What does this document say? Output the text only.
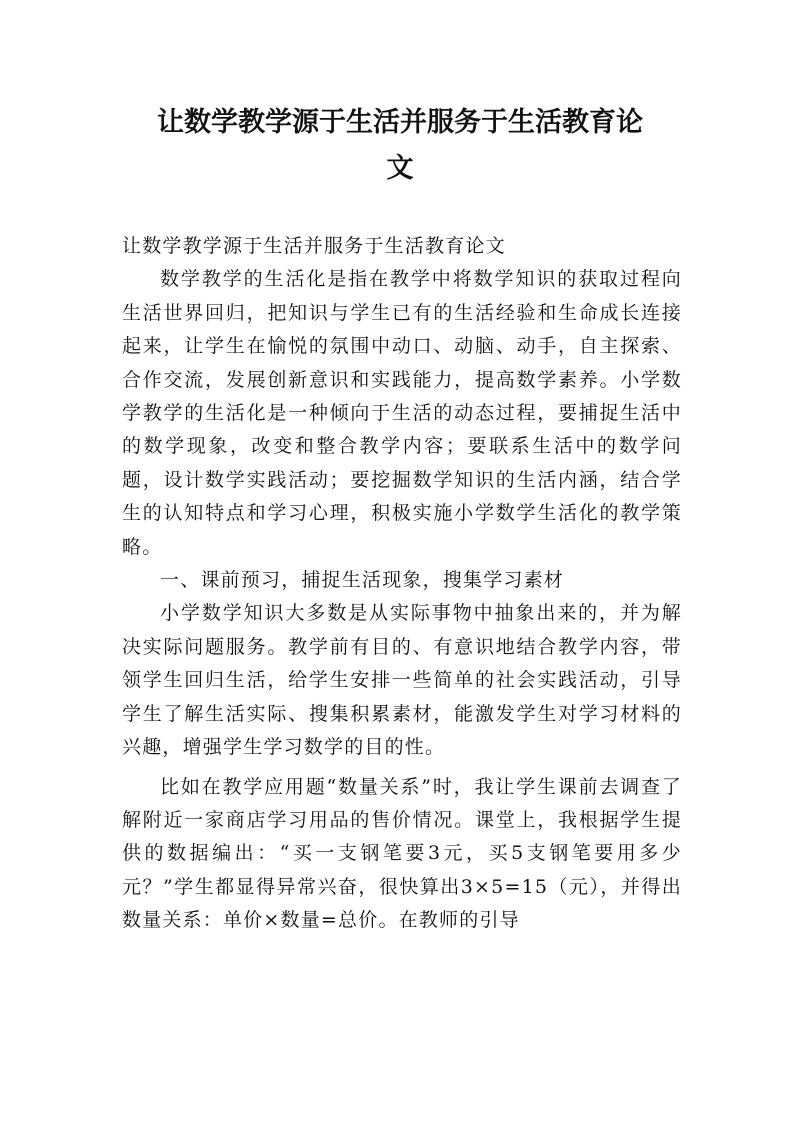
让数学教学源于生活并服务于生活教育论
文

让数学教学源于生活并服务于生活教育论文

数学教学的生活化是指在教学中将数学知识的获取过程向生活世界回归，把知识与学生已有的生活经验和生命成长连接起来，让学生在愉悦的氛围中动口、动脑、动手，自主探索、合作交流，发展创新意识和实践能力，提高数学素养。小学数学教学的生活化是一种倾向于生活的动态过程，要捕捉生活中的数学现象，改变和整合教学内容；要联系生活中的数学问题，设计数学实践活动；要挖掘数学知识的生活内涵，结合学生的认知特点和学习心理，积极实施小学数学生活化的教学策略。

一、课前预习，捕捉生活现象，搜集学习素材

小学数学知识大多数是从实际事物中抽象出来的，并为解决实际问题服务。教学前有目的、有意识地结合教学内容，带领学生回归生活，给学生安排一些简单的社会实践活动，引导学生了解生活实际、搜集积累素材，能激发学生对学习材料的兴趣，增强学生学习数学的目的性。

比如在教学应用题“数量关系”时，我让学生课前去调查了解附近一家商店学习用品的售价情况。课堂上，我根据学生提供的数据编出：“买一支钢笔要3元，买5支钢笔要用多少元？”学生都显得异常兴奋，很快算出3×5=15（元），并得出数量关系：单价×数量=总价。在教师的引导
